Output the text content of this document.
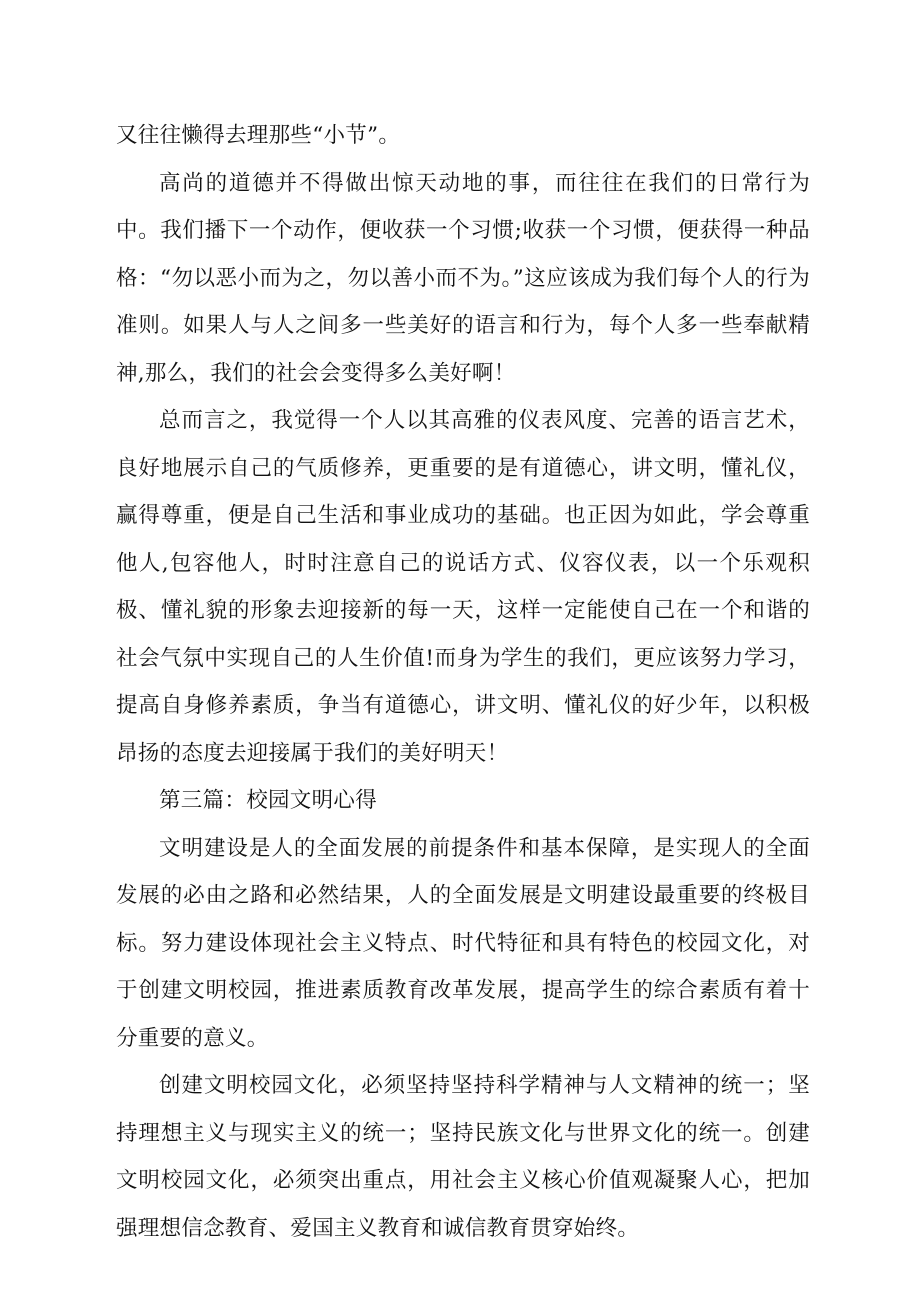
又往往懒得去理那些“小节”。

高尚的道德并不得做出惊天动地的事，而往往在我们的日常行为中。我们播下一个动作，便收获一个习惯;收获一个习惯，便获得一种品格：“勿以恶小而为之，勿以善小而不为。”这应该成为我们每个人的行为准则。如果人与人之间多一些美好的语言和行为，每个人多一些奉献精神,那么，我们的社会会变得多么美好啊！

总而言之，我觉得一个人以其高雅的仪表风度、完善的语言艺术，良好地展示自己的气质修养，更重要的是有道德心，讲文明，懂礼仪，赢得尊重，便是自己生活和事业成功的基础。也正因为如此，学会尊重他人,包容他人，时时注意自己的说话方式、仪容仪表，以一个乐观积极、懂礼貌的形象去迎接新的每一天，这样一定能使自己在一个和谐的社会气氛中实现自己的人生价值!而身为学生的我们，更应该努力学习，提高自身修养素质，争当有道德心，讲文明、懂礼仪的好少年，以积极昂扬的态度去迎接属于我们的美好明天！

第三篇：校园文明心得

文明建设是人的全面发展的前提条件和基本保障，是实现人的全面发展的必由之路和必然结果，人的全面发展是文明建设最重要的终极目标。努力建设体现社会主义特点、时代特征和具有特色的校园文化，对于创建文明校园，推进素质教育改革发展，提高学生的综合素质有着十分重要的意义。

创建文明校园文化，必须坚持坚持科学精神与人文精神的统一；坚持理想主义与现实主义的统一；坚持民族文化与世界文化的统一。创建文明校园文化，必须突出重点，用社会主义核心价值观凝聚人心，把加强理想信念教育、爱国主义教育和诚信教育贯穿始终。
